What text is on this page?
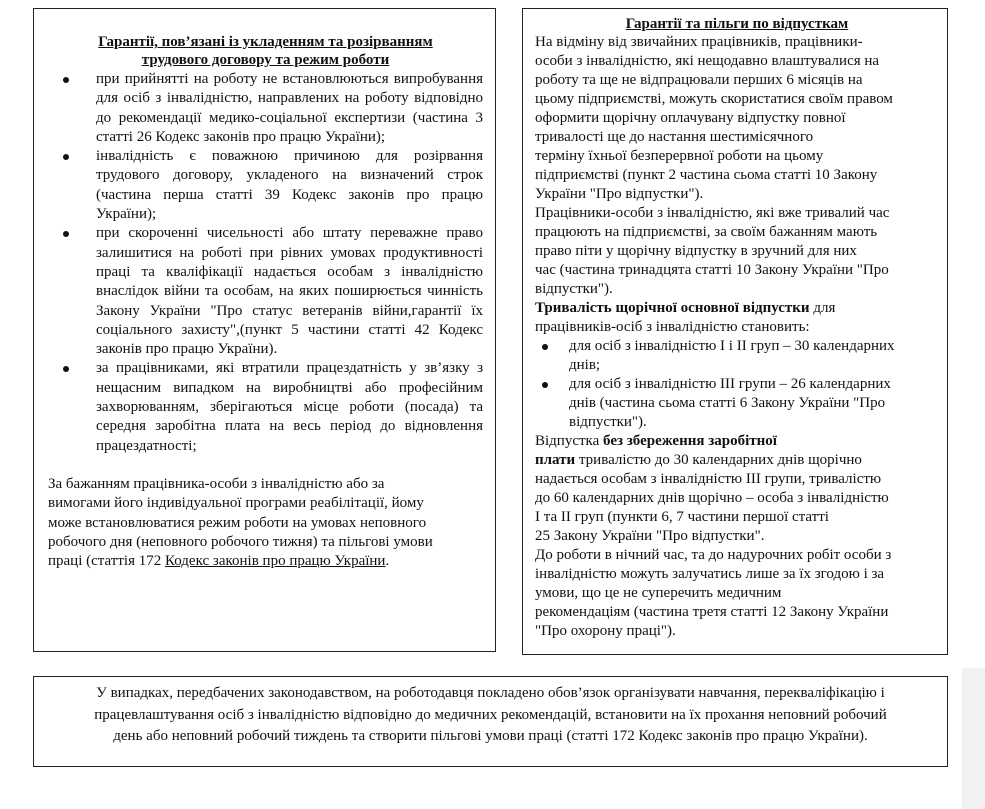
Гарантії, пов’язані із укладенням та розірванням
трудового договору та режим роботи
при прийнятті на роботу не встановлюються випробування для осіб з інвалідністю, направлених на роботу відповідно до рекомендації медико-соціальної експертизи (частина 3 статті 26 Кодекс законів про працю України);
інвалідність є поважною причиною для розірвання трудового договору, укладеного на визначений строк (частина перша статті 39 Кодекс законів про працю України);
при скороченні чисельності або штату переважне право залишитися на роботі при рівних умовах продуктивності праці та кваліфікації надається особам з інвалідністю внаслідок війни та особам, на яких поширюється чинність Закону України "Про статус ветеранів війни,гарантії їх соціального захисту",(пункт 5 частини статті 42 Кодекс законів про працю України).
за працівниками, які втратили працездатність у зв’язку з нещасним випадком на виробництві або професійним захворюванням, зберігаються місце роботи (посада) та середня заробітна плата на весь період до відновлення працездатності;
За бажанням працівника-особи з інвалідністю або за
вимогами його індивідуальної програми реабілітації, йому
може встановлюватися режим роботи на умовах неповного
робочого дня (неповного робочого тижня) та пільгові умови
праці (статтія 172 Кодекс законів про працю України.
Гарантії та пільги по відпусткам
На відміну від звичайних працівників, працівники-
особи з інвалідністю, які нещодавно влаштувалися на
роботу та ще не відпрацювали перших 6 місяців на
цьому підприємстві, можуть скористатися своїм правом
оформити щорічну оплачувану відпустку повної
тривалості ще до настання шестимісячного
терміну їхньої безперервної роботи на цьому
підприємстві (пункт 2 частина сьома статті 10 Закону
України "Про відпустки").
Працівники-особи з інвалідністю, які вже тривалий час
працюють на підприємстві, за своїм бажанням мають
право піти у щорічну відпустку в зручний для них
час (частина тринадцята статті 10 Закону України "Про
відпустки").
Тривалість щорічної основної відпустки для
працівників-осіб з інвалідністю становить:
для осіб з інвалідністю І і ІІ груп – 30 календарних
днів;
для осіб з інвалідністю ІІІ групи – 26 календарних
днів (частина сьома статті 6 Закону України "Про
відпустки").
Відпустка без збереження заробітної
плати тривалістю до 30 календарних днів щорічно
надається особам з інвалідністю ІІІ групи, тривалістю
до 60 календарних днів щорічно – особа з інвалідністю
І та ІІ груп (пункти 6, 7 частини першої статті
25 Закону України "Про відпустки".
До роботи в нічний час, та до надурочних робіт особи з
інвалідністю можуть залучатись лише за їх згодою і за
умови, що це не суперечить медичним
рекомендаціям (частина третя статті 12 Закону України
"Про охорону праці").
У випадках, передбачених законодавством, на роботодавця покладено обов’язок організувати навчання, перекваліфікацію і
працевлаштування осіб з інвалідністю відповідно до медичних рекомендацій, встановити на їх прохання неповний робочий
день або неповний робочий тиждень та створити пільгові умови праці (статті 172 Кодекс законів про працю України).
